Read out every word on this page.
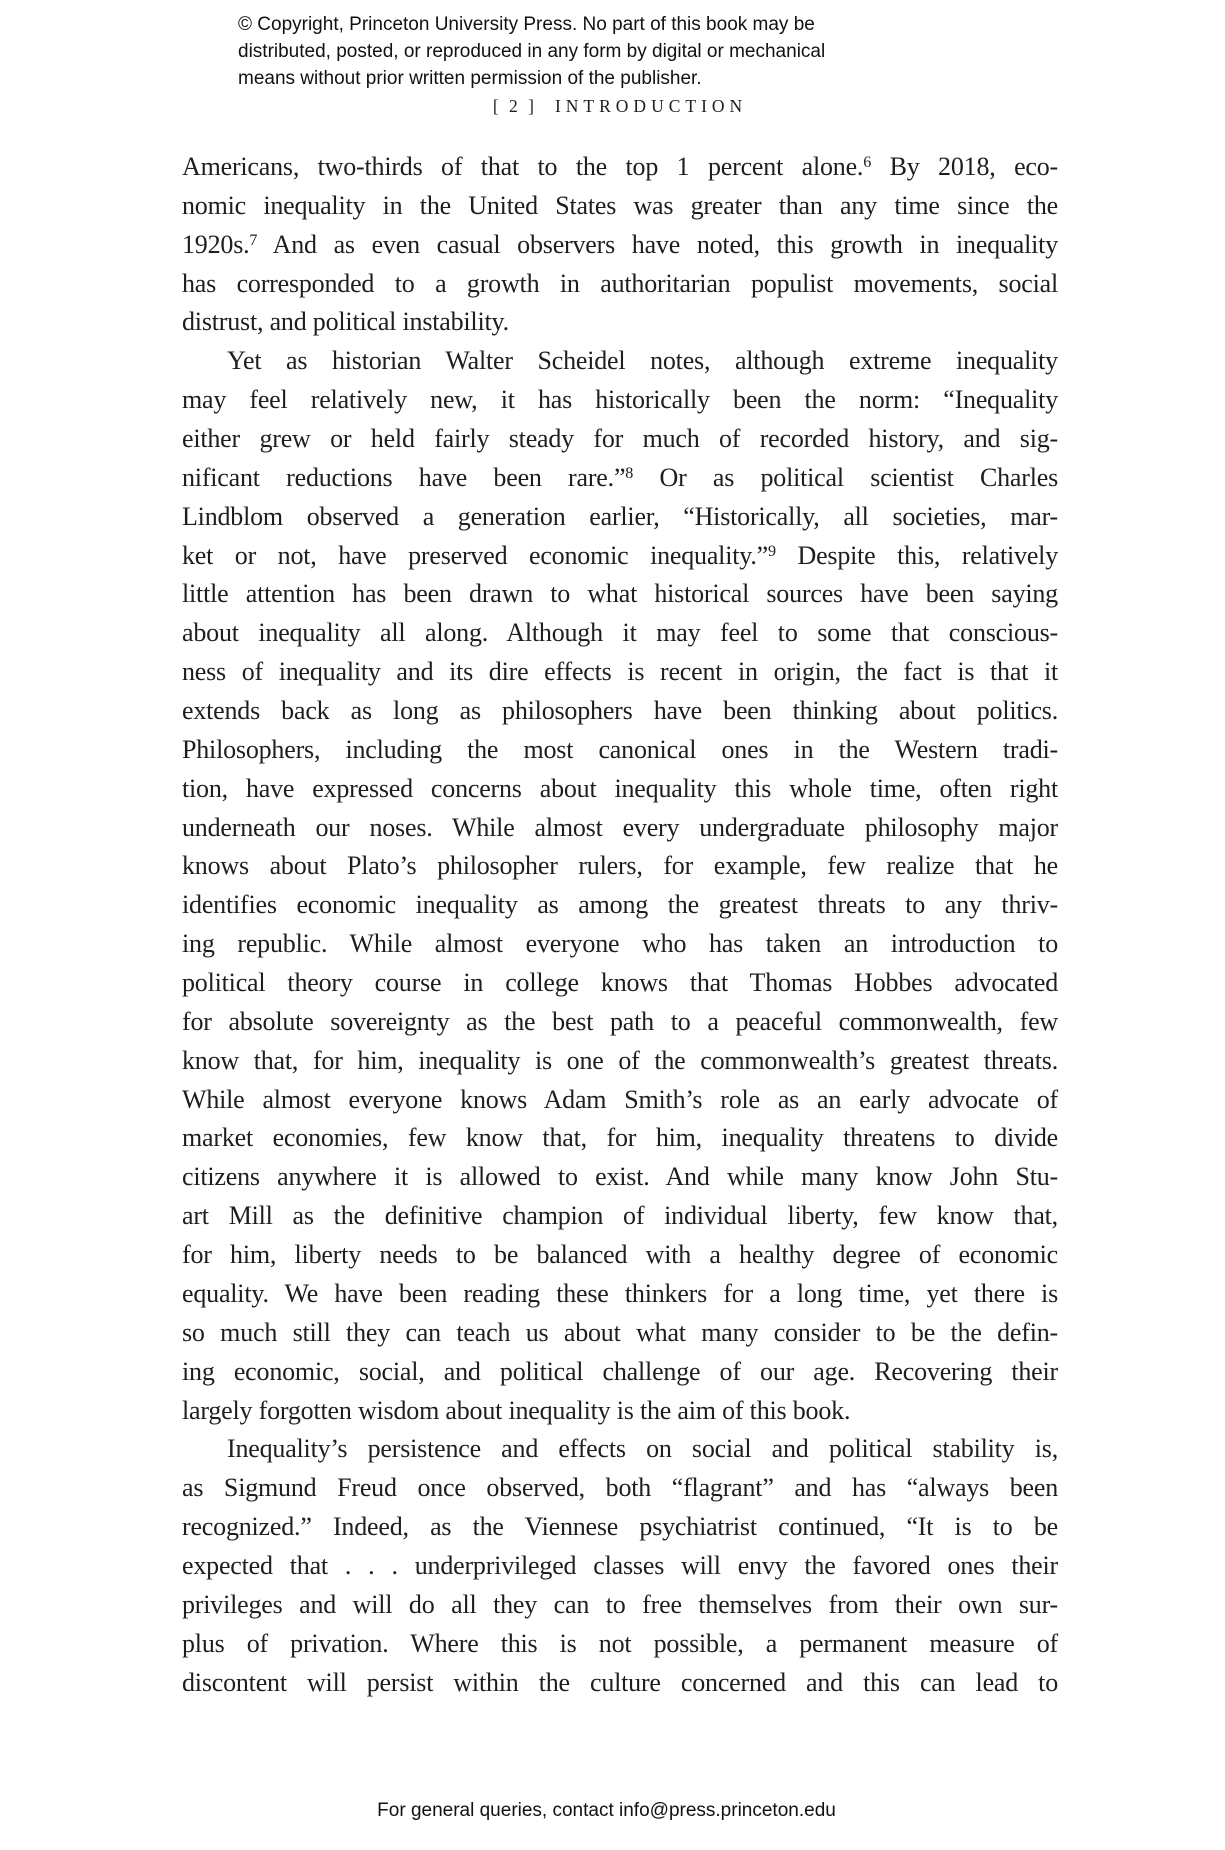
© Copyright, Princeton University Press. No part of this book may be
distributed, posted, or reproduced in any form by digital or mechanical
means without prior written permission of the publisher.
[ 2 ] INTRODUCTION
Americans, two-thirds of that to the top 1 percent alone.$^6$ By 2018, eco-
nomic inequality in the United States was greater than any time since the
1920s.$^7$ And as even casual observers have noted, this growth in inequality
has corresponded to a growth in authoritarian populist movements, social
distrust, and political instability.
Yet as historian Walter Scheidel notes, although extreme inequality
may feel relatively new, it has historically been the norm: “Inequality
either grew or held fairly steady for much of recorded history, and sig-
nificant reductions have been rare.”$^8$ Or as political scientist Charles
Lindblom observed a generation earlier, “Historically, all societies, mar-
ket or not, have preserved economic inequality.”$^9$ Despite this, relatively
little attention has been drawn to what historical sources have been saying
about inequality all along. Although it may feel to some that conscious-
ness of inequality and its dire effects is recent in origin, the fact is that it
extends back as long as philosophers have been thinking about politics.
Philosophers, including the most canonical ones in the Western tradi-
tion, have expressed concerns about inequality this whole time, often right
underneath our noses. While almost every undergraduate philosophy major
knows about Plato’s philosopher rulers, for example, few realize that he
identifies economic inequality as among the greatest threats to any thriv-
ing republic. While almost everyone who has taken an introduction to
political theory course in college knows that Thomas Hobbes advocated
for absolute sovereignty as the best path to a peaceful commonwealth, few
know that, for him, inequality is one of the commonwealth’s greatest threats.
While almost everyone knows Adam Smith’s role as an early advocate of
market economies, few know that, for him, inequality threatens to divide
citizens anywhere it is allowed to exist. And while many know John Stu-
art Mill as the definitive champion of individual liberty, few know that,
for him, liberty needs to be balanced with a healthy degree of economic
equality. We have been reading these thinkers for a long time, yet there is
so much still they can teach us about what many consider to be the defin-
ing economic, social, and political challenge of our age. Recovering their
largely forgotten wisdom about inequality is the aim of this book.
Inequality’s persistence and effects on social and political stability is,
as Sigmund Freud once observed, both “flagrant” and has “always been
recognized.” Indeed, as the Viennese psychiatrist continued, “It is to be
expected that . . . underprivileged classes will envy the favored ones their
privileges and will do all they can to free themselves from their own sur-
plus of privation. Where this is not possible, a permanent measure of
discontent will persist within the culture concerned and this can lead to
For general queries, contact info@press.princeton.edu
